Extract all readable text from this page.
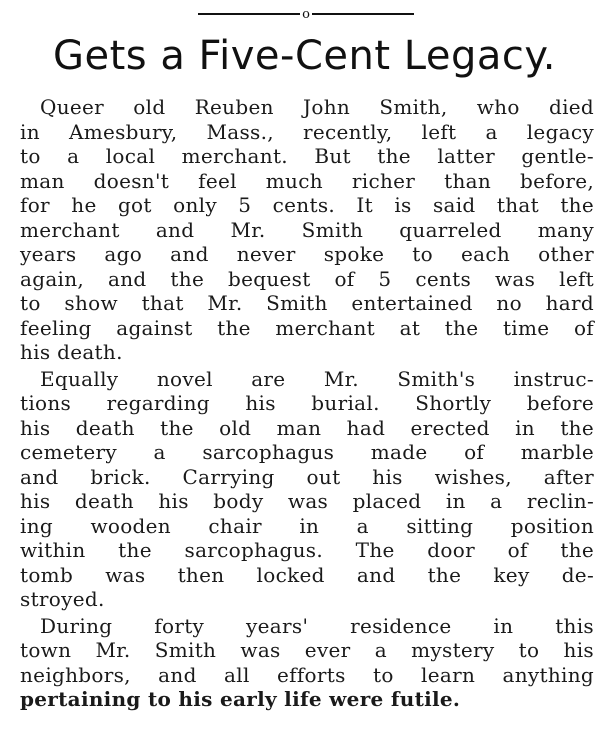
o
Gets a Five-Cent Legacy.

Queer old Reuben John Smith, who died
in Amesbury, Mass., recently, left a legacy
to a local merchant. But the latter gentle-
man doesn't feel much richer than before,
for he got only 5 cents. It is said that the
merchant and Mr. Smith quarreled many
years ago and never spoke to each other
again, and the bequest of 5 cents was left
to show that Mr. Smith entertained no hard
feeling against the merchant at the time of
his death.

Equally novel are Mr. Smith's instruc-
tions regarding his burial. Shortly before
his death the old man had erected in the
cemetery a sarcophagus made of marble
and brick. Carrying out his wishes, after
his death his body was placed in a reclin-
ing wooden chair in a sitting position
within the sarcophagus. The door of the
tomb was then locked and the key de-
stroyed.

During forty years' residence in this
town Mr. Smith was ever a mystery to his
neighbors, and all efforts to learn anything
pertaining to his early life were futile.
